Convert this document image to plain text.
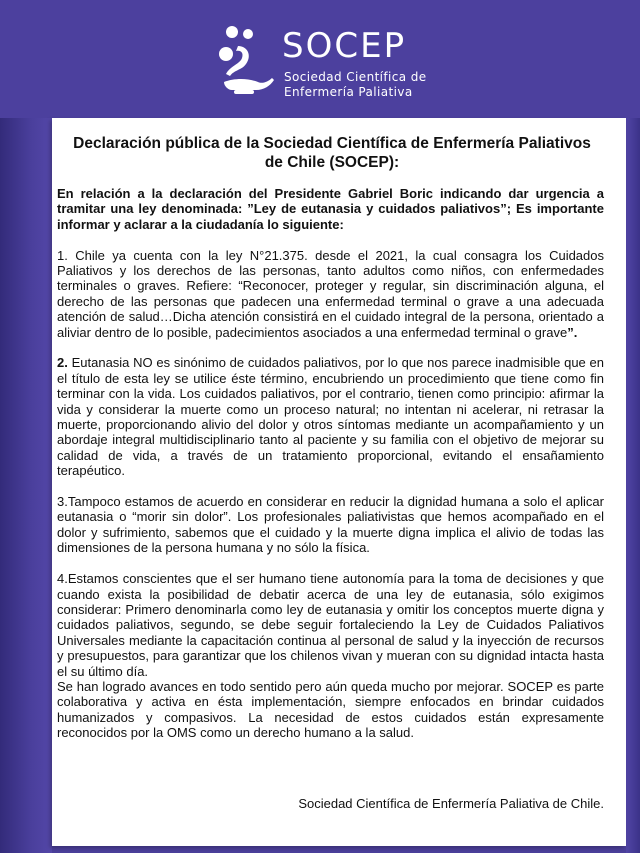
SOCEP
Sociedad Científica de
Enfermería Paliativa
Declaración pública de la Sociedad Científica de Enfermería Paliativos de Chile (SOCEP):

En relación a la declaración del Presidente Gabriel Boric indicando dar urgencia a tramitar una ley denominada: ”Ley de eutanasia y cuidados paliativos”; Es importante informar y aclarar a la ciudadanía lo siguiente:

1. Chile ya cuenta con la ley N°21.375. desde el 2021, la cual consagra los Cuidados Paliativos y los derechos de las personas, tanto adultos como niños, con enfermedades terminales o graves. Refiere: “Reconocer, proteger y regular, sin discriminación alguna, el derecho de las personas que padecen una enfermedad terminal o grave a una adecuada atención de salud…Dicha atención consistirá en el cuidado integral de la persona, orientado a aliviar dentro de lo posible, padecimientos asociados a una enfermedad terminal o grave”.

2. Eutanasia NO es sinónimo de cuidados paliativos, por lo que nos parece inadmisible que en el título de esta ley se utilice éste término, encubriendo un procedimiento que tiene como fin terminar con la vida. Los cuidados paliativos, por el contrario, tienen como principio: afirmar la vida y considerar la muerte como un proceso natural; no intentan ni acelerar, ni retrasar la muerte, proporcionando alivio del dolor y otros síntomas mediante un acompañamiento y un abordaje integral multidisciplinario tanto al paciente y su familia con el objetivo de mejorar su calidad de vida, a través de un tratamiento proporcional, evitando el ensañamiento terapéutico.

3.Tampoco estamos de acuerdo en considerar en reducir la dignidad humana a solo el aplicar eutanasia o “morir sin dolor”. Los profesionales paliativistas que hemos acompañado en el dolor y sufrimiento, sabemos que el cuidado y la muerte digna implica el alivio de todas las dimensiones de la persona humana y no sólo la física.

4.Estamos conscientes que el ser humano tiene autonomía para la toma de decisiones y que cuando exista la posibilidad de debatir acerca de una ley de eutanasia, sólo exigimos considerar: Primero denominarla como ley de eutanasia y omitir los conceptos muerte digna y cuidados paliativos, segundo, se debe seguir fortaleciendo la Ley de Cuidados Paliativos Universales mediante la capacitación continua al personal de salud y la inyección de recursos y presupuestos, para garantizar que los chilenos vivan y mueran con su dignidad intacta hasta el su último día.

Se han logrado avances en todo sentido pero aún queda mucho por mejorar. SOCEP es parte colaborativa y activa en ésta implementación, siempre enfocados en brindar cuidados humanizados y compasivos. La necesidad de estos cuidados están expresamente reconocidos por la OMS como un derecho humano a la salud.

Sociedad Científica de Enfermería Paliativa de Chile.
